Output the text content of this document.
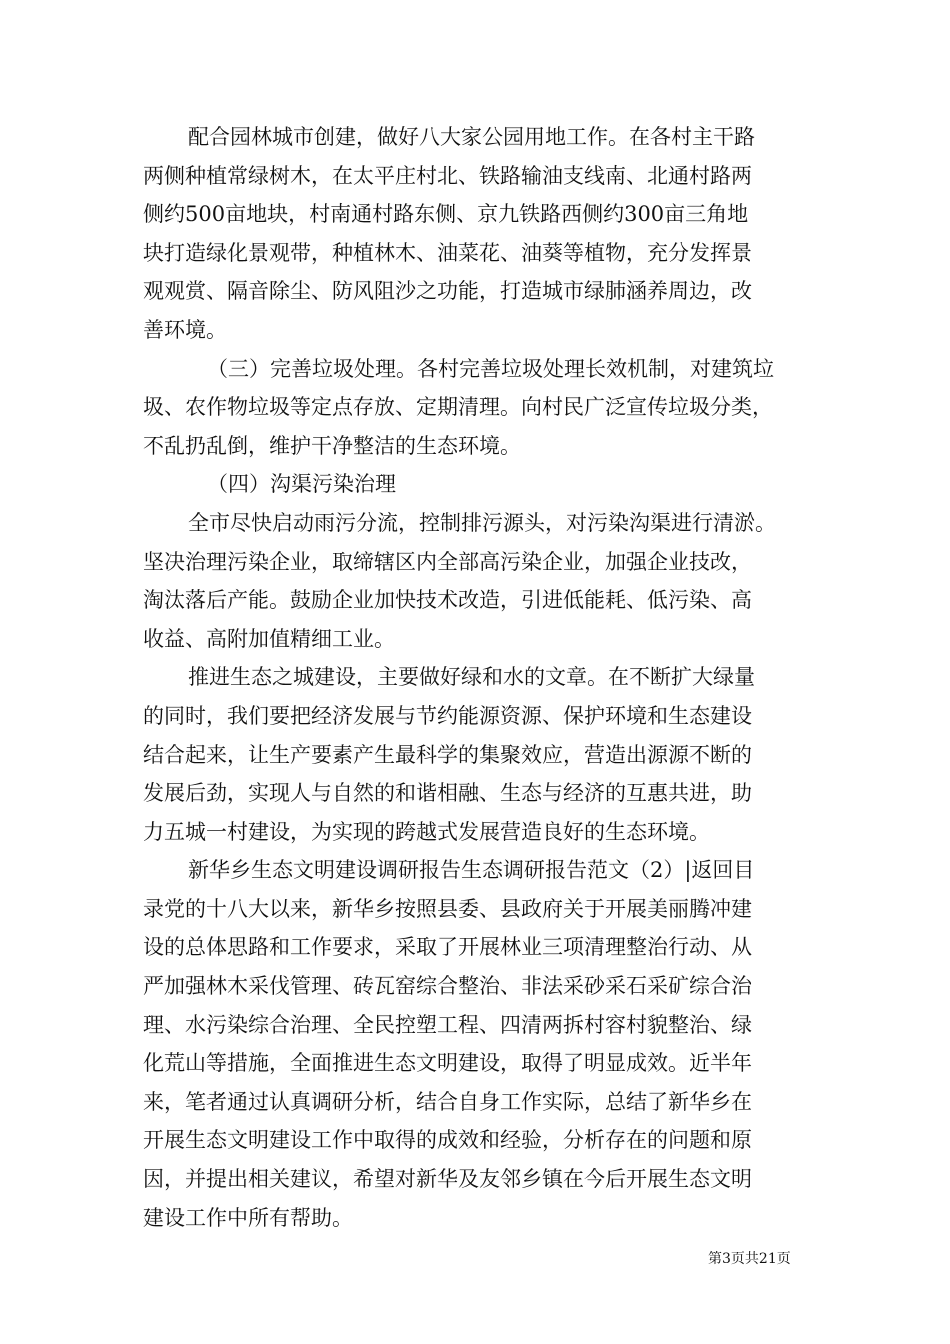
配合园林城市创建，做好八大家公园用地工作。在各村主干路
两侧种植常绿树木，在太平庄村北、铁路输油支线南、北通村路两
侧约500亩地块，村南通村路东侧、京九铁路西侧约300亩三角地
块打造绿化景观带，种植林木、油菜花、油葵等植物，充分发挥景
观观赏、隔音除尘、防风阻沙之功能，打造城市绿肺涵养周边，改
善环境。
（三）完善垃圾处理。各村完善垃圾处理长效机制，对建筑垃
圾、农作物垃圾等定点存放、定期清理。向村民广泛宣传垃圾分类，
不乱扔乱倒，维护干净整洁的生态环境。
（四）沟渠污染治理
全市尽快启动雨污分流，控制排污源头，对污染沟渠进行清淤。
坚决治理污染企业，取缔辖区内全部高污染企业，加强企业技改，
淘汰落后产能。鼓励企业加快技术改造，引进低能耗、低污染、高
收益、高附加值精细工业。
推进生态之城建设，主要做好绿和水的文章。在不断扩大绿量
的同时，我们要把经济发展与节约能源资源、保护环境和生态建设
结合起来，让生产要素产生最科学的集聚效应，营造出源源不断的
发展后劲，实现人与自然的和谐相融、生态与经济的互惠共进，助
力五城一村建设，为实现的跨越式发展营造良好的生态环境。
新华乡生态文明建设调研报告生态调研报告范文（2）|返回目
录党的十八大以来，新华乡按照县委、县政府关于开展美丽腾冲建
设的总体思路和工作要求，采取了开展林业三项清理整治行动、从
严加强林木采伐管理、砖瓦窑综合整治、非法采砂采石采矿综合治
理、水污染综合治理、全民控塑工程、四清两拆村容村貌整治、绿
化荒山等措施，全面推进生态文明建设，取得了明显成效。近半年
来，笔者通过认真调研分析，结合自身工作实际，总结了新华乡在
开展生态文明建设工作中取得的成效和经验，分析存在的问题和原
因，并提出相关建议，希望对新华及友邻乡镇在今后开展生态文明
建设工作中所有帮助。
第3页共21页
